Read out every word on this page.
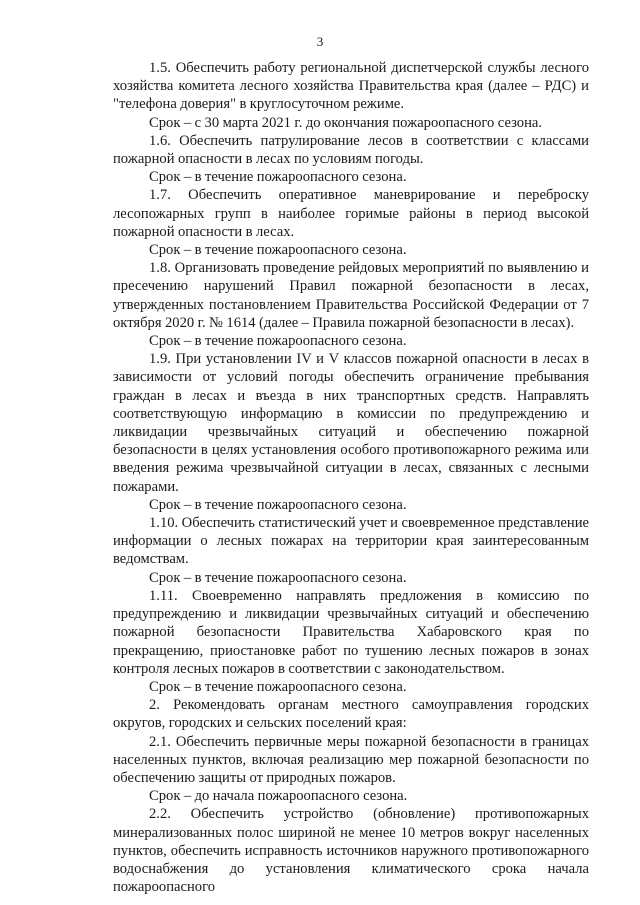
3

1.5. Обеспечить работу региональной диспетчерской службы лесного хозяйства комитета лесного хозяйства Правительства края (далее – РДС) и "телефона доверия" в круглосуточном режиме.

Срок – с 30 марта 2021 г. до окончания пожароопасного сезона.

1.6. Обеспечить патрулирование лесов в соответствии с классами пожарной опасности в лесах по условиям погоды.

Срок – в течение пожароопасного сезона.

1.7. Обеспечить оперативное маневрирование и переброску лесопожарных групп в наиболее горимые районы в период высокой пожарной опасности в лесах.

Срок – в течение пожароопасного сезона.

1.8. Организовать проведение рейдовых мероприятий по выявлению и пресечению нарушений Правил пожарной безопасности в лесах, утвержденных постановлением Правительства Российской Федерации от 7 октября 2020 г. № 1614 (далее – Правила пожарной безопасности в лесах).

Срок – в течение пожароопасного сезона.

1.9. При установлении IV и V классов пожарной опасности в лесах в зависимости от условий погоды обеспечить ограничение пребывания граждан в лесах и въезда в них транспортных средств. Направлять соответствующую информацию в комиссии по предупреждению и ликвидации чрезвычайных ситуаций и обеспечению пожарной безопасности в целях установления особого противопожарного режима или введения режима чрезвычайной ситуации в лесах, связанных с лесными пожарами.

Срок – в течение пожароопасного сезона.

1.10. Обеспечить статистический учет и своевременное представление информации о лесных пожарах на территории края заинтересованным ведомствам.

Срок – в течение пожароопасного сезона.

1.11. Своевременно направлять предложения в комиссию по предупреждению и ликвидации чрезвычайных ситуаций и обеспечению пожарной безопасности Правительства Хабаровского края по прекращению, приостановке работ по тушению лесных пожаров в зонах контроля лесных пожаров в соответствии с законодательством.

Срок – в течение пожароопасного сезона.

2. Рекомендовать органам местного самоуправления городских округов, городских и сельских поселений края:

2.1. Обеспечить первичные меры пожарной безопасности в границах населенных пунктов, включая реализацию мер пожарной безопасности по обеспечению защиты от природных пожаров.

Срок – до начала пожароопасного сезона.

2.2. Обеспечить устройство (обновление) противопожарных минерализованных полос шириной не менее 10 метров вокруг населенных пунктов, обеспечить исправность источников наружного противопожарного водоснабжения до установления климатического срока начала пожароопасного
